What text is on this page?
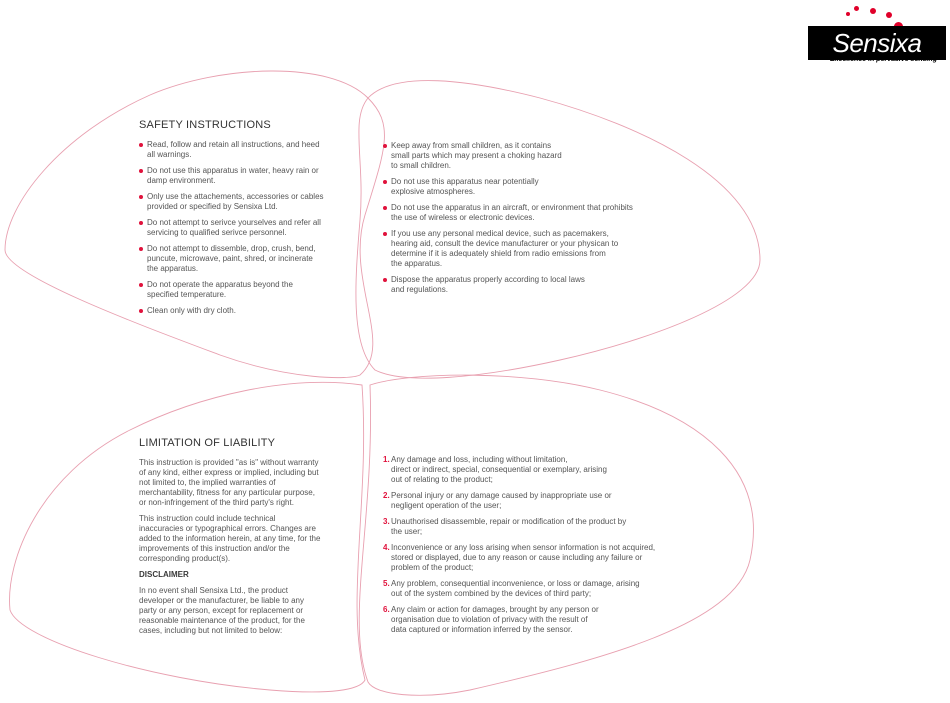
Sensixa
Excellence in pervasive sensing
SAFETY INSTRUCTIONS
Read, follow and retain all instructions, and heed
all warnings.
Do not use this apparatus in water, heavy rain or
damp environment.
Only use the attachements, accessories or cables
provided or specified by Sensixa Ltd.
Do not attempt to serivce yourselves and refer all
servicing to qualified serivce personnel.
Do not attempt to dissemble, drop, crush, bend,
puncute, microwave, paint, shred, or incinerate
the apparatus.
Do not operate the apparatus beyond the
specified temperature.
Clean only with dry cloth.
Keep away from small children, as it contains
small parts which may present a choking hazard
to small children.
Do not use this apparatus near potentially
explosive atmospheres.
Do not use the apparatus in an aircraft, or environment that prohibits
the use of wireless or electronic devices.
If you use any personal medical device, such as pacemakers,
hearing aid, consult the device manufacturer or your physican to
determine if it is adequately shield from radio emissions from
the apparatus.
Dispose the apparatus properly according to local laws
and regulations.
LIMITATION OF LIABILITY
This instruction is provided "as is" without warranty
of any kind, either express or implied, including but
not limited to, the implied warranties of
merchantability, fitness for any particular purpose,
or non-infringement of the third party's right.
This instruction could include technical
inaccuracies or typographical errors. Changes are
added to the information herein, at any time, for the
improvements of this instruction and/or the
corresponding product(s).
DISCLAIMER
In no event shall Sensixa Ltd., the product
developer or the manufacturer, be liable to any
party or any person, except for replacement or
reasonable maintenance of the product, for the
cases, including but not limited to below:
1. Any damage and loss, including without limitation,
direct or indirect, special, consequential or exemplary, arising
out of relating to the product;
2. Personal injury or any damage caused by inappropriate use or
negligent operation of the user;
3. Unauthorised disassemble, repair or modification of the product by
the user;
4. Inconvenience or any loss arising when sensor information is not acquired,
stored or displayed, due to any reason or cause including any failure or
problem of the product;
5. Any problem, consequential inconvenience, or loss or damage, arising
out of the system combined by the devices of third party;
6. Any claim or action for damages, brought by any person or
organisation due to violation of privacy with the result of
data captured or information inferred by the sensor.
